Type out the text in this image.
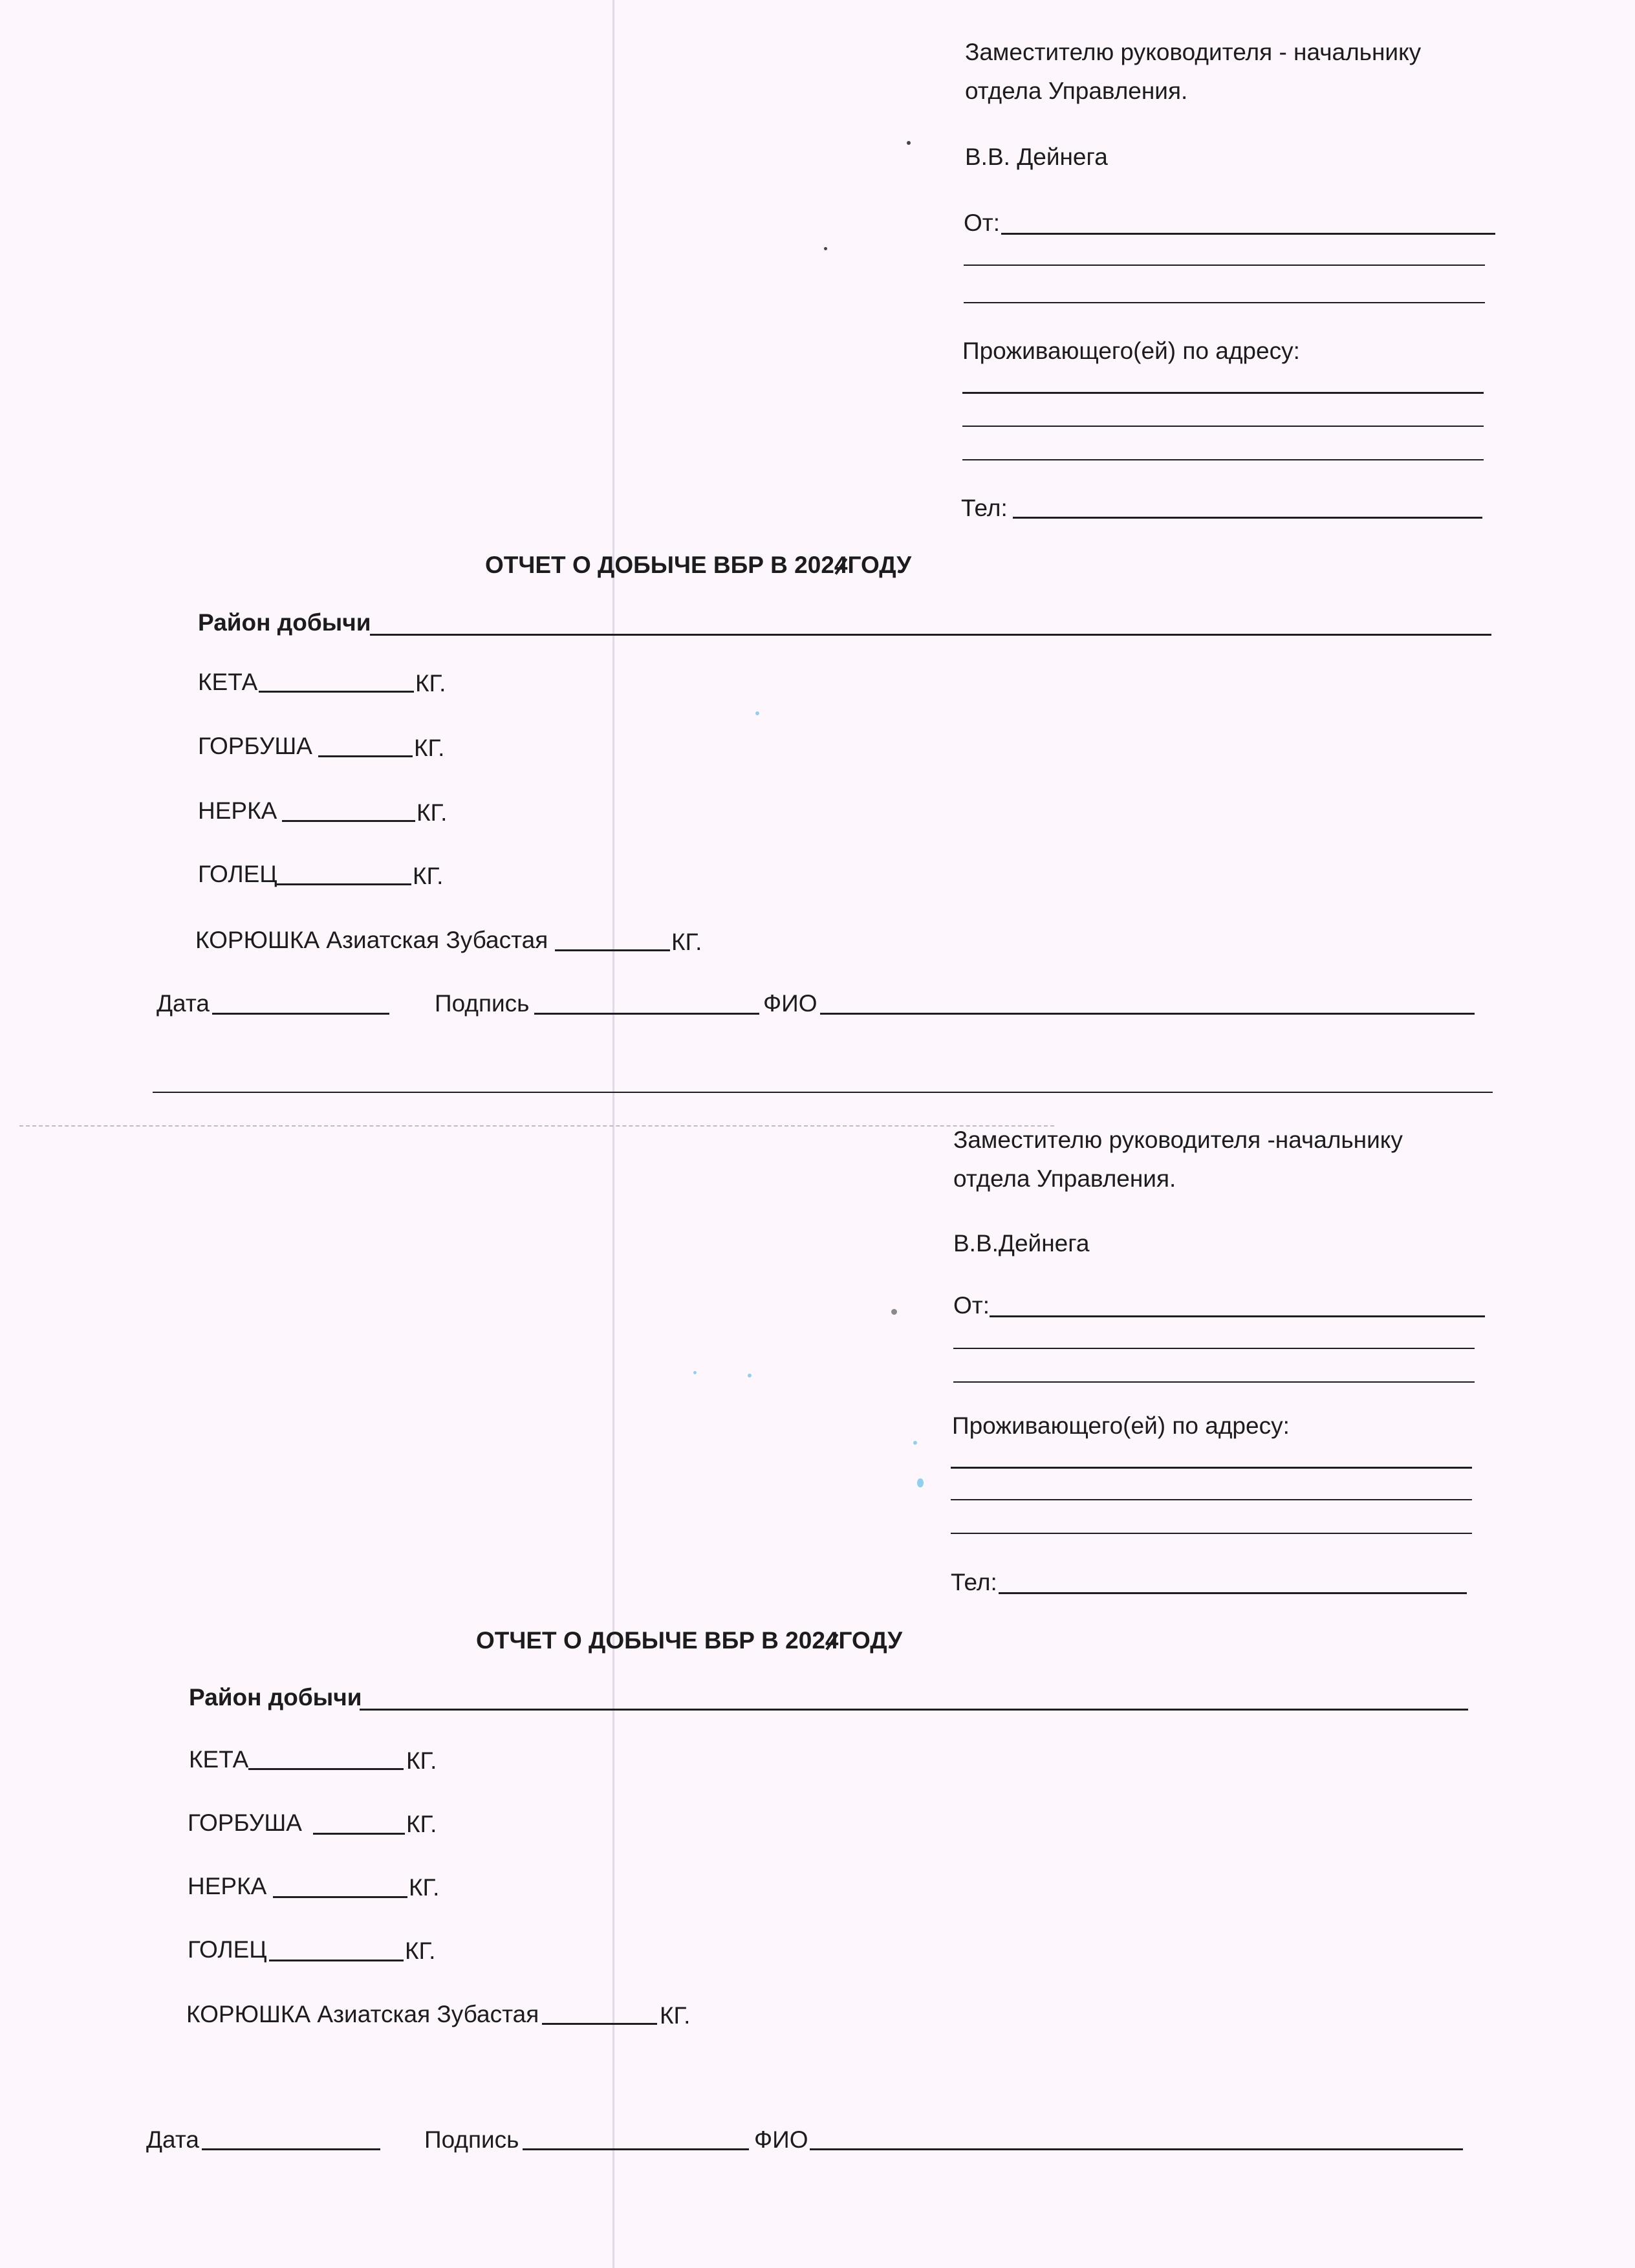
Заместителю руководителя - начальнику
отдела Управления.
В.В. Дейнега
От:
Проживающего(ей) по адресу:
Тел:
ОТЧЕТ О ДОБЫЧЕ ВБР В 2024ГОДУ
Район добычи
КЕТА	КГ.
ГОРБУША	КГ.
НЕРКА	КГ.
ГОЛЕЦ	КГ.
КОРЮШКА Азиатская Зубастая	КГ.
Дата	Подпись	ФИО
Заместителю руководителя -начальнику
отдела Управления.
В.В.Дейнега
От:
Проживающего(ей) по адресу:
Тел:
ОТЧЕТ О ДОБЫЧЕ ВБР В 2024ГОДУ
Район добычи
КЕТА	КГ.
ГОРБУША	КГ.
НЕРКА	КГ.
ГОЛЕЦ	КГ.
КОРЮШКА Азиатская Зубастая	КГ.
Дата	Подпись	ФИО
